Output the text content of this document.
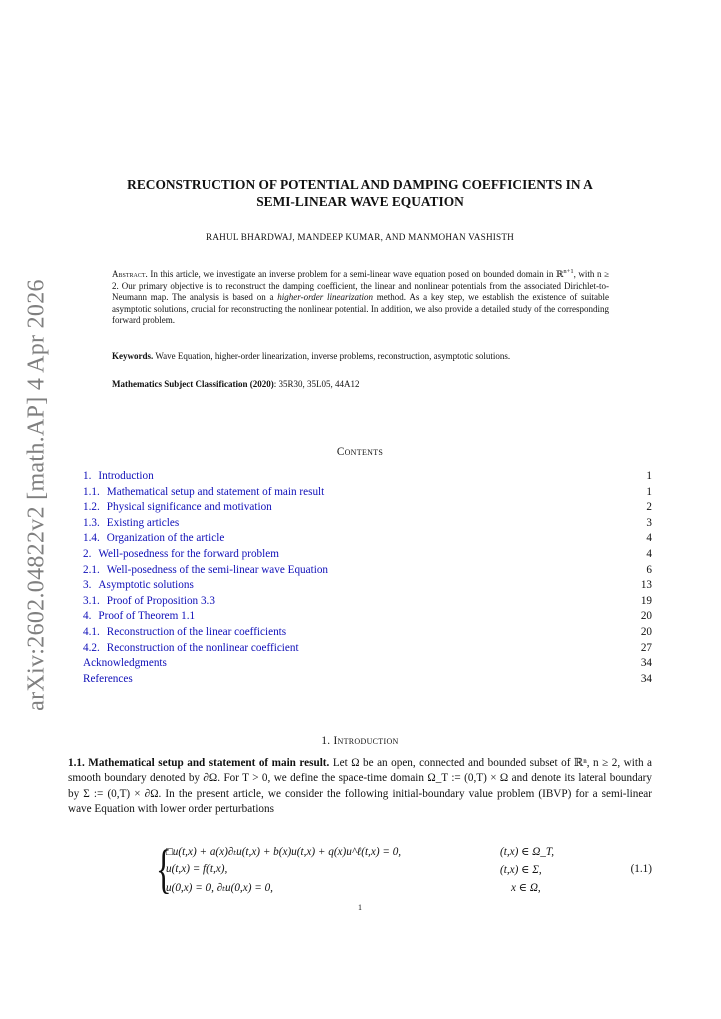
arXiv:2602.04822v2 [math.AP] 4 Apr 2026
RECONSTRUCTION OF POTENTIAL AND DAMPING COEFFICIENTS IN A
SEMI-LINEAR WAVE EQUATION
RAHUL BHARDWAJ, MANDEEP KUMAR, AND MANMOHAN VASHISTH
Abstract. In this article, we investigate an inverse problem for a semi-linear wave equation posed on bounded domain in ℝ$^{n+1}$, with n ≥ 2. Our primary objective is to reconstruct the damping coefficient, the linear and nonlinear potentials from the associated Dirichlet-to-Neumann map. The analysis is based on a higher-order linearization method. As a key step, we establish the existence of suitable asymptotic solutions, crucial for reconstructing the nonlinear potential. In addition, we also provide a detailed study of the corresponding forward problem.
Keywords. Wave Equation, higher-order linearization, inverse problems, reconstruction, asymptotic solutions.
Mathematics Subject Classification (2020): 35R30, 35L05, 44A12
Contents
1. Introduction	1
1.1. Mathematical setup and statement of main result	1
1.2. Physical significance and motivation	2
1.3. Existing articles	3
1.4. Organization of the article	4
2. Well-posedness for the forward problem	4
2.1. Well-posedness of the semi-linear wave Equation	6
3. Asymptotic solutions	13
3.1. Proof of Proposition 3.3	19
4. Proof of Theorem 1.1	20
4.1. Reconstruction of the linear coefficients	20
4.2. Reconstruction of the nonlinear coefficient	27
Acknowledgments	34
References	34
1. Introduction
1.1. Mathematical setup and statement of main result. Let Ω be an open, connected and bounded subset of ℝⁿ, n ≥ 2, with a smooth boundary denoted by ∂Ω. For T > 0, we define the space-time domain Ω_T := (0,T) × Ω and denote its lateral boundary by Σ := (0,T) × ∂Ω. In the present article, we consider the following initial-boundary value problem (IBVP) for a semi-linear wave Equation with lower order perturbations
{
□u(t,x) + a(x)∂ₜu(t,x) + b(x)u(t,x) + q(x)u^ℓ(t,x) = 0,	(t,x) ∈ Ω_T,
u(t,x) = f(t,x),	(t,x) ∈ Σ,
u(0,x) = 0, ∂ₜu(0,x) = 0,	x ∈ Ω,
(1.1)
1
